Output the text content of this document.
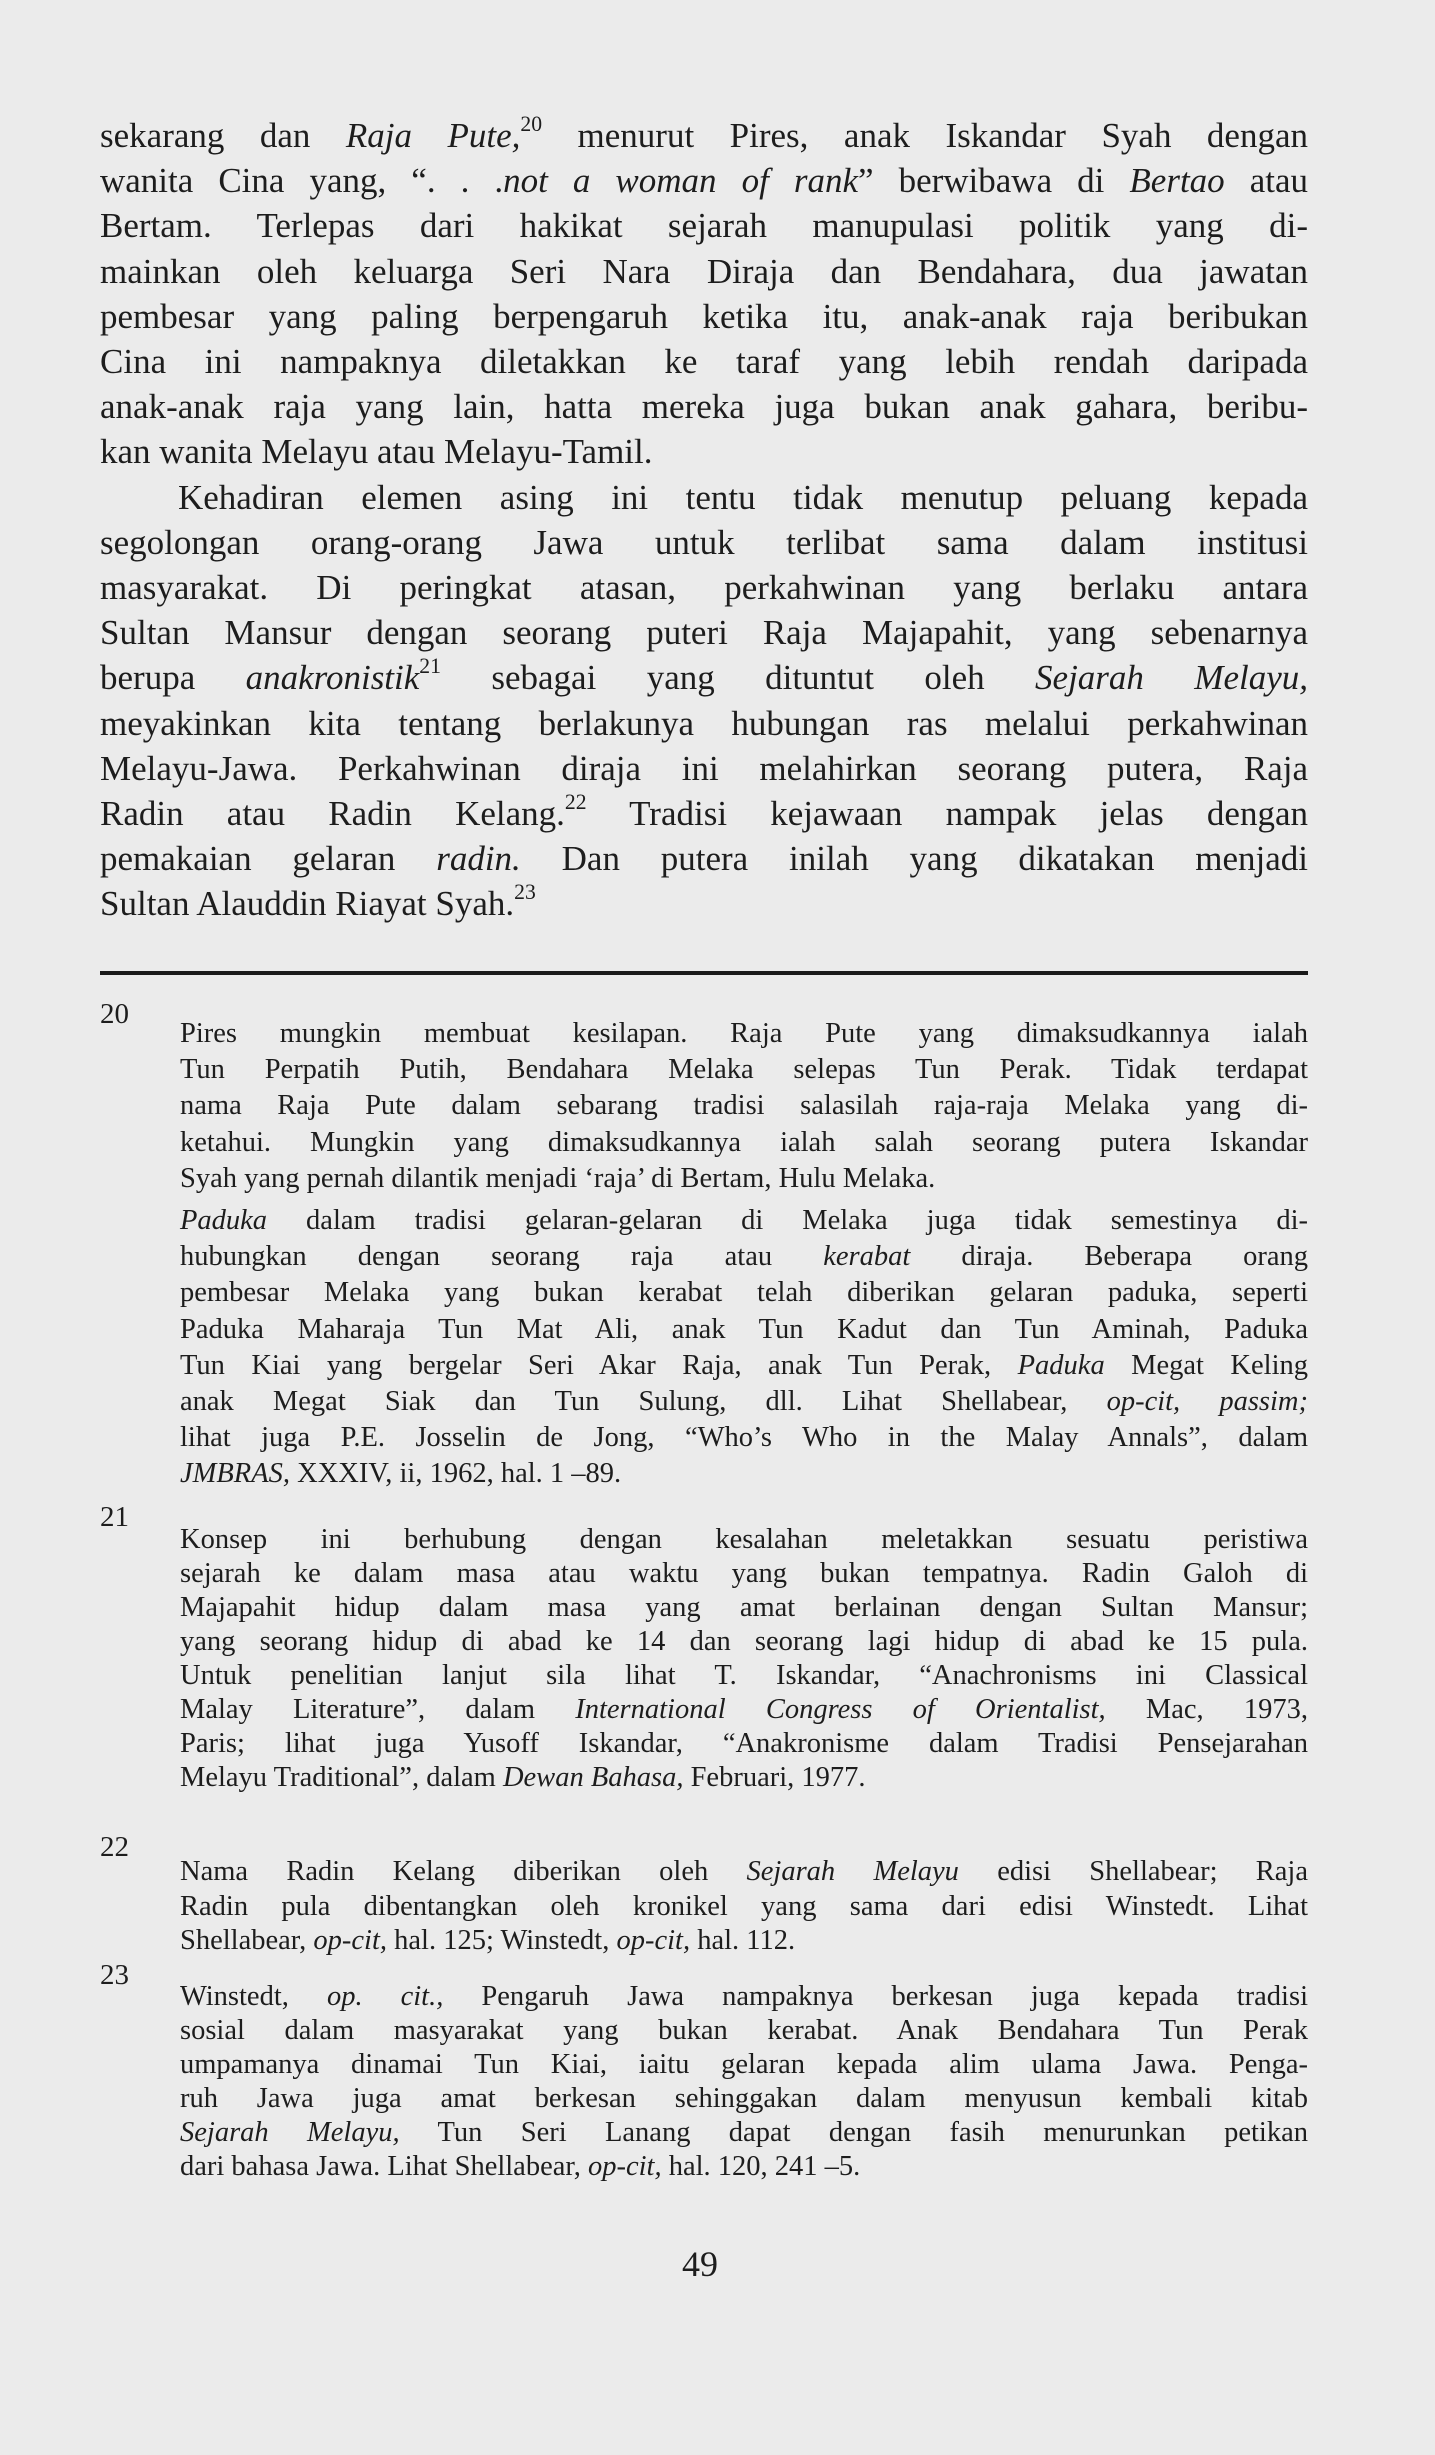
sekarang dan Raja Pute,$^{20}$ menurut Pires, anak Iskandar Syah dengan
wanita Cina yang, “. . .not a woman of rank” berwibawa di Bertao atau
Bertam. Terlepas dari hakikat sejarah manupulasi politik yang di-
mainkan oleh keluarga Seri Nara Diraja dan Bendahara, dua jawatan
pembesar yang paling berpengaruh ketika itu, anak-anak raja beribukan
Cina ini nampaknya diletakkan ke taraf yang lebih rendah daripada
anak-anak raja yang lain, hatta mereka juga bukan anak gahara, beribu-
kan wanita Melayu atau Melayu-Tamil.
Kehadiran elemen asing ini tentu tidak menutup peluang kepada
segolongan orang-orang Jawa untuk terlibat sama dalam institusi
masyarakat. Di peringkat atasan, perkahwinan yang berlaku antara
Sultan Mansur dengan seorang puteri Raja Majapahit, yang sebenarnya
berupa anakronistik$^{21}$ sebagai yang dituntut oleh Sejarah Melayu,
meyakinkan kita tentang berlakunya hubungan ras melalui perkahwinan
Melayu-Jawa. Perkahwinan diraja ini melahirkan seorang putera, Raja
Radin atau Radin Kelang.$^{22}$ Tradisi kejawaan nampak jelas dengan
pemakaian gelaran radin. Dan putera inilah yang dikatakan menjadi
Sultan Alauddin Riayat Syah.$^{23}$
20
Pires mungkin membuat kesilapan. Raja Pute yang dimaksudkannya ialah
Tun Perpatih Putih, Bendahara Melaka selepas Tun Perak. Tidak terdapat
nama Raja Pute dalam sebarang tradisi salasilah raja-raja Melaka yang di-
ketahui. Mungkin yang dimaksudkannya ialah salah seorang putera Iskandar
Syah yang pernah dilantik menjadi ‘raja’ di Bertam, Hulu Melaka.
Paduka dalam tradisi gelaran-gelaran di Melaka juga tidak semestinya di-
hubungkan dengan seorang raja atau kerabat diraja. Beberapa orang
pembesar Melaka yang bukan kerabat telah diberikan gelaran paduka, seperti
Paduka Maharaja Tun Mat Ali, anak Tun Kadut dan Tun Aminah, Paduka
Tun Kiai yang bergelar Seri Akar Raja, anak Tun Perak, Paduka Megat Keling
anak Megat Siak dan Tun Sulung, dll. Lihat Shellabear, op-cit, passim;
lihat juga P.E. Josselin de Jong, “Who’s Who in the Malay Annals”, dalam
JMBRAS, XXXIV, ii, 1962, hal. 1 –89.
21
Konsep ini berhubung dengan kesalahan meletakkan sesuatu peristiwa
sejarah ke dalam masa atau waktu yang bukan tempatnya. Radin Galoh di
Majapahit hidup dalam masa yang amat berlainan dengan Sultan Mansur;
yang seorang hidup di abad ke 14 dan seorang lagi hidup di abad ke 15 pula.
Untuk penelitian lanjut sila lihat T. Iskandar, “Anachronisms ini Classical
Malay Literature”, dalam International Congress of Orientalist, Mac, 1973,
Paris; lihat juga Yusoff Iskandar, “Anakronisme dalam Tradisi Pensejarahan
Melayu Traditional”, dalam Dewan Bahasa, Februari, 1977.
22
Nama Radin Kelang diberikan oleh Sejarah Melayu edisi Shellabear; Raja
Radin pula dibentangkan oleh kronikel yang sama dari edisi Winstedt. Lihat
Shellabear, op-cit, hal. 125; Winstedt, op-cit, hal. 112.
23
Winstedt, op. cit., Pengaruh Jawa nampaknya berkesan juga kepada tradisi
sosial dalam masyarakat yang bukan kerabat. Anak Bendahara Tun Perak
umpamanya dinamai Tun Kiai, iaitu gelaran kepada alim ulama Jawa. Penga-
ruh Jawa juga amat berkesan sehinggakan dalam menyusun kembali kitab
Sejarah Melayu, Tun Seri Lanang dapat dengan fasih menurunkan petikan
dari bahasa Jawa. Lihat Shellabear, op-cit, hal. 120, 241 –5.
49
